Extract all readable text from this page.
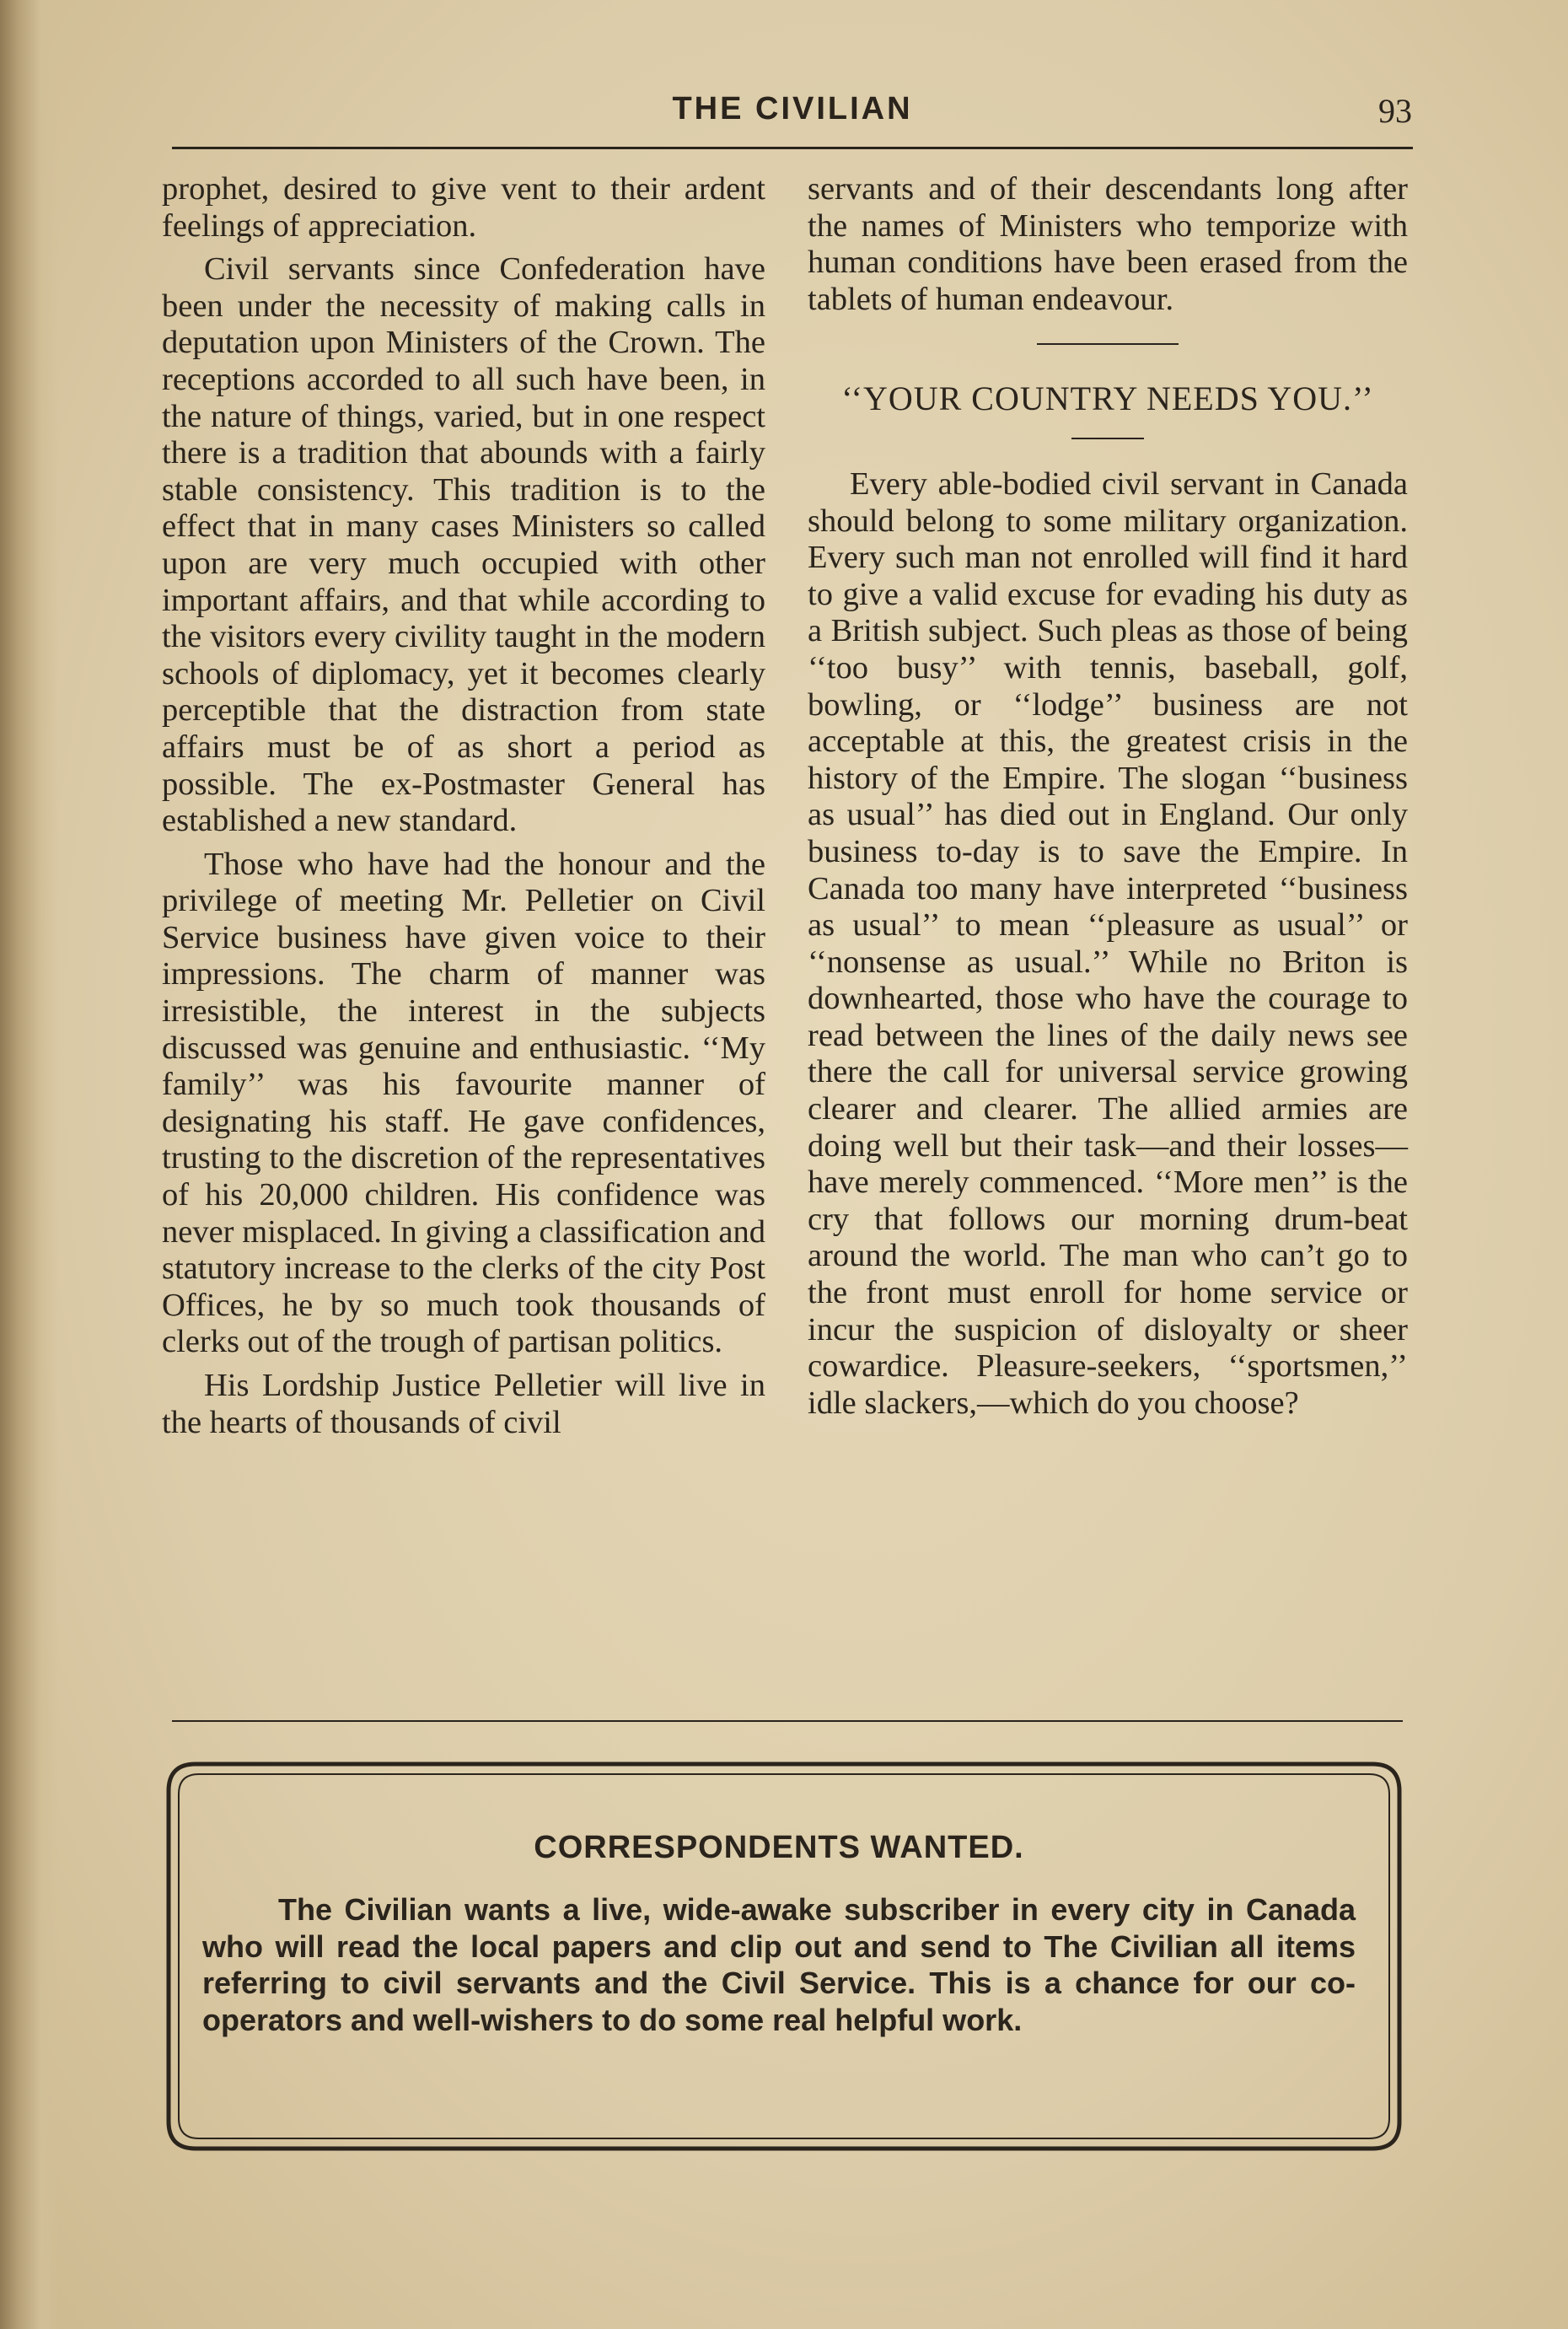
THE CIVILIAN	93

prophet, desired to give vent to their ardent feelings of appreciation.

Civil servants since Confederation have been under the necessity of making calls in deputation upon Ministers of the Crown. The receptions accorded to all such have been, in the nature of things, varied, but in one respect there is a tradition that abounds with a fairly stable consistency. This tradition is to the effect that in many cases Ministers so called upon are very much occupied with other important affairs, and that while according to the visitors every civility taught in the modern schools of diplomacy, yet it becomes clearly perceptible that the distraction from state affairs must be of as short a period as possible. The ex-Postmaster General has established a new standard.

Those who have had the honour and the privilege of meeting Mr. Pelletier on Civil Service business have given voice to their impressions. The charm of manner was irresistible, the interest in the subjects discussed was genuine and enthusiastic. ‘‘My family’’ was his favourite manner of designating his staff. He gave confidences, trusting to the discretion of the representatives of his 20,000 children. His confidence was never misplaced. In giving a classification and statutory increase to the clerks of the city Post Offices, he by so much took thousands of clerks out of the trough of partisan politics.

His Lordship Justice Pelletier will live in the hearts of thousands of civil

servants and of their descendants long after the names of Ministers who temporize with human conditions have been erased from the tablets of human endeavour.

‘‘YOUR COUNTRY NEEDS YOU.’’

Every able-bodied civil servant in Canada should belong to some military organization. Every such man not enrolled will find it hard to give a valid excuse for evading his duty as a British subject. Such pleas as those of being ‘‘too busy’’ with tennis, baseball, golf, bowling, or ‘‘lodge’’ business are not acceptable at this, the greatest crisis in the history of the Empire. The slogan ‘‘business as usual’’ has died out in England. Our only business to-day is to save the Empire. In Canada too many have interpreted ‘‘business as usual’’ to mean ‘‘pleasure as usual’’ or ‘‘nonsense as usual.’’ While no Briton is downhearted, those who have the courage to read between the lines of the daily news see there the call for universal service growing clearer and clearer. The allied armies are doing well but their task—and their losses—have merely commenced. ‘‘More men’’ is the cry that follows our morning drum-beat around the world. The man who can’t go to the front must enroll for home service or incur the suspicion of disloyalty or sheer cowardice. Pleasure-seekers, ‘‘sportsmen,’’ idle slackers,—which do you choose?

CORRESPONDENTS WANTED.

The Civilian wants a live, wide-awake subscriber in every city in Canada who will read the local papers and clip out and send to The Civilian all items referring to civil servants and the Civil Service. This is a chance for our co-operators and well-wishers to do some real helpful work.
